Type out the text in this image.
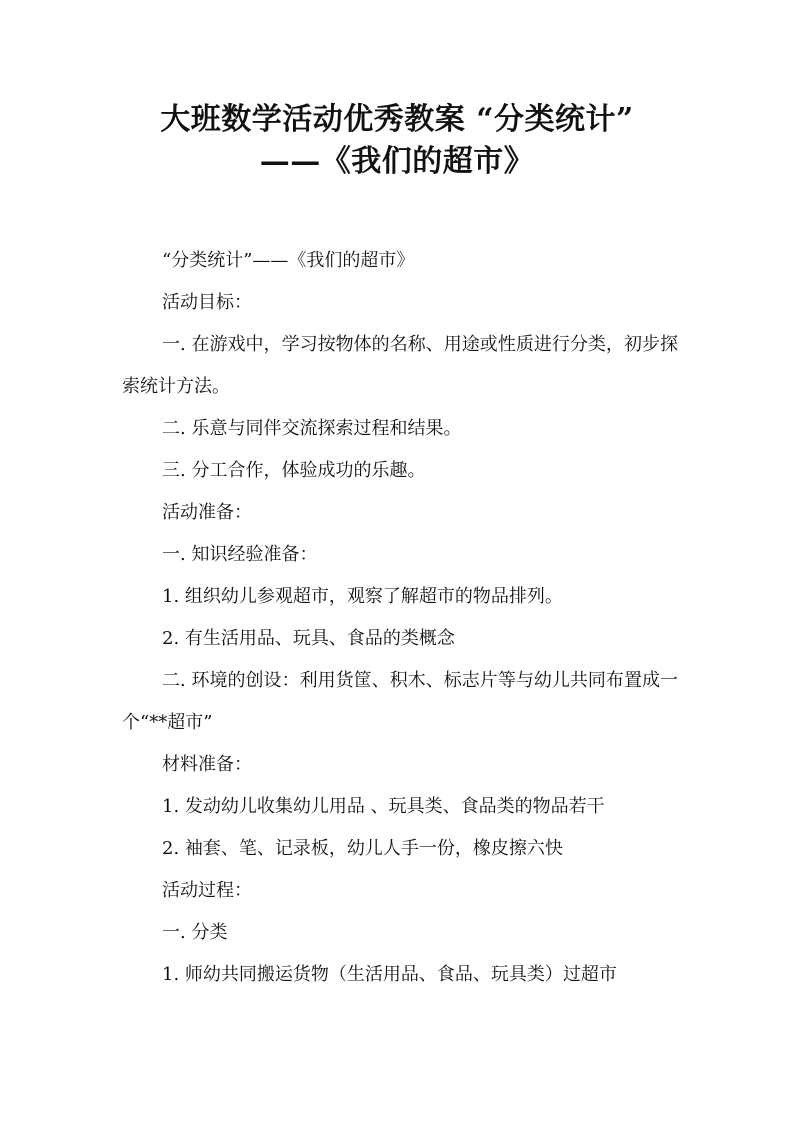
大班数学活动优秀教案 “分类统计”
——《我们的超市》

“分类统计”——《我们的超市》

活动目标：

一. 在游戏中，学习按物体的名称、用途或性质进行分类，初步探索统计方法。

二. 乐意与同伴交流探索过程和结果。

三. 分工合作，体验成功的乐趣。

活动准备：

一. 知识经验准备：

1. 组织幼儿参观超市，观察了解超市的物品排列。

2. 有生活用品、玩具、食品的类概念

二. 环境的创设：利用货筐、积木、标志片等与幼儿共同布置成一个“**超市”

材料准备：

1. 发动幼儿收集幼儿用品 、玩具类、食品类的物品若干

2. 袖套、笔、记录板，幼儿人手一份，橡皮擦六快

活动过程：

一. 分类

1. 师幼共同搬运货物（生活用品、食品、玩具类）过超市
